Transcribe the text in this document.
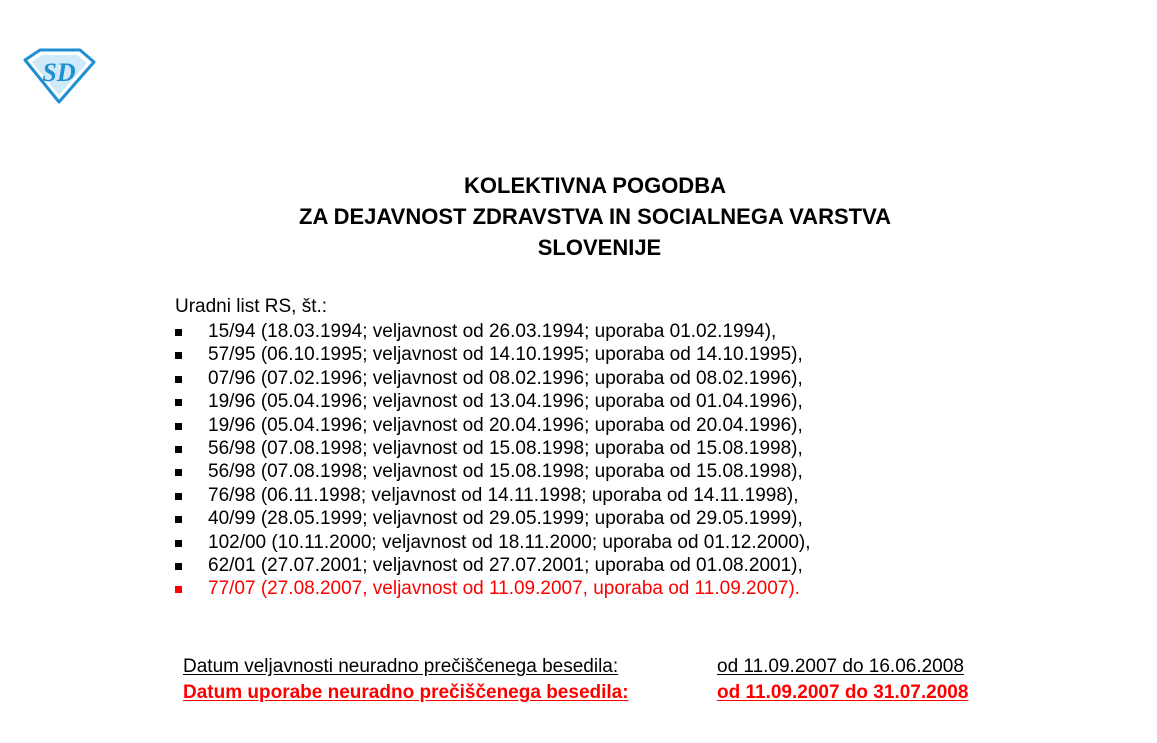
SD
KOLEKTIVNA POGODBA
ZA DEJAVNOST ZDRAVSTVA IN SOCIALNEGA VARSTVA
SLOVENIJE
Uradni list RS, št.:
15/94 (18.03.1994; veljavnost od 26.03.1994; uporaba 01.02.1994),
57/95 (06.10.1995; veljavnost od 14.10.1995; uporaba od 14.10.1995),
07/96 (07.02.1996; veljavnost od 08.02.1996; uporaba od 08.02.1996),
19/96 (05.04.1996; veljavnost od 13.04.1996; uporaba od 01.04.1996),
19/96 (05.04.1996; veljavnost od 20.04.1996; uporaba od 20.04.1996),
56/98 (07.08.1998; veljavnost od 15.08.1998; uporaba od 15.08.1998),
56/98 (07.08.1998; veljavnost od 15.08.1998; uporaba od 15.08.1998),
76/98 (06.11.1998; veljavnost od 14.11.1998; uporaba od 14.11.1998),
40/99 (28.05.1999; veljavnost od 29.05.1999; uporaba od 29.05.1999),
102/00 (10.11.2000; veljavnost od 18.11.2000; uporaba od 01.12.2000),
62/01 (27.07.2001; veljavnost od 27.07.2001; uporaba od 01.08.2001),
77/07 (27.08.2007, veljavnost od 11.09.2007, uporaba od 11.09.2007).
Datum veljavnosti neuradno prečiščenega besedila:	od 11.09.2007 do 16.06.2008
Datum uporabe neuradno prečiščenega besedila:	od 11.09.2007 do 31.07.2008
